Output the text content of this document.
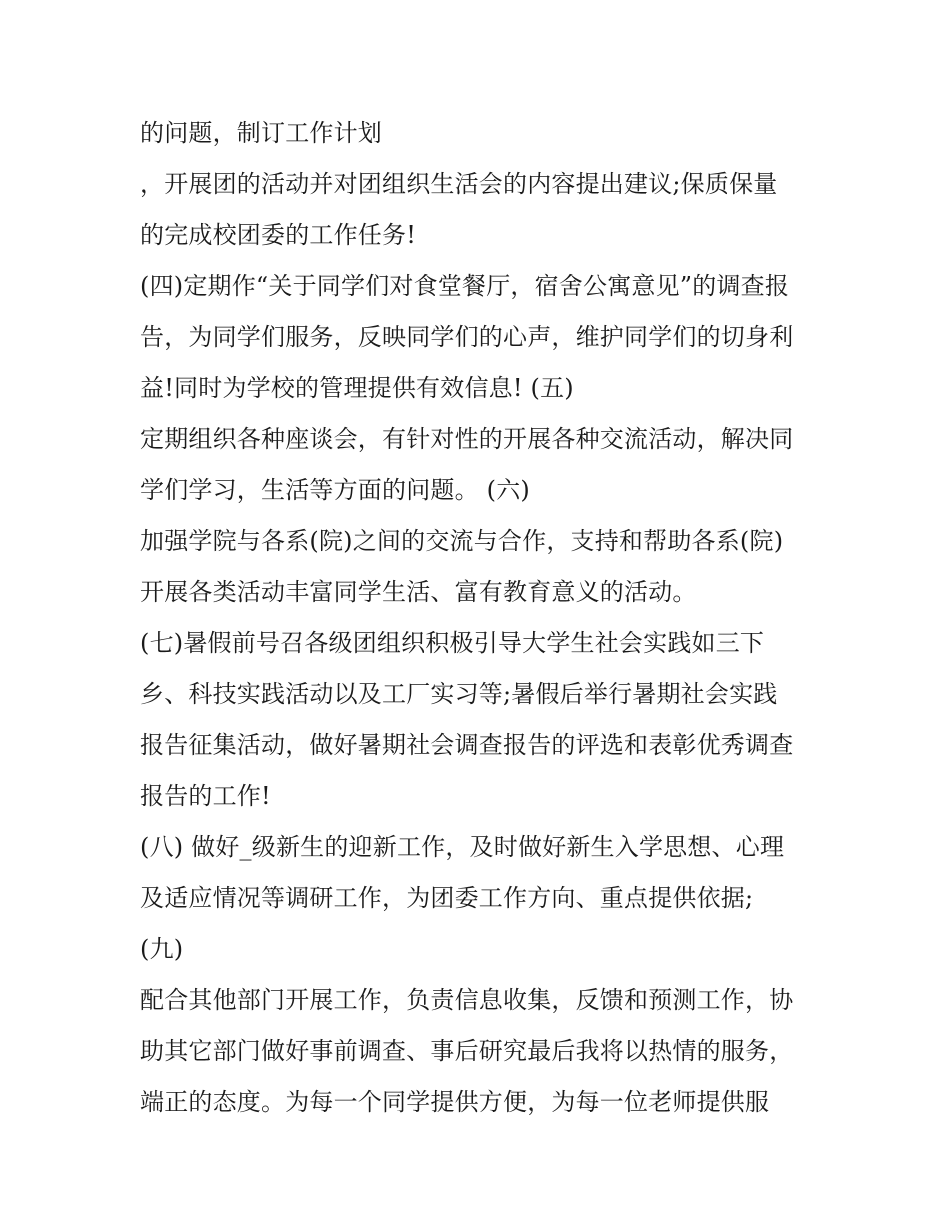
的问题，制订工作计划
，开展团的活动并对团组织生活会的内容提出建议;保质保量
的完成校团委的工作任务!
(四)定期作“关于同学们对食堂餐厅，宿舍公寓意见”的调查报
告，为同学们服务，反映同学们的心声，维护同学们的切身利
益!同时为学校的管理提供有效信息! (五)
定期组织各种座谈会，有针对性的开展各种交流活动，解决同
学们学习，生活等方面的问题。 (六)
加强学院与各系(院)之间的交流与合作，支持和帮助各系(院)
开展各类活动丰富同学生活、富有教育意义的活动。
(七)暑假前号召各级团组织积极引导大学生社会实践如三下
乡、科技实践活动以及工厂实习等;暑假后举行暑期社会实践
报告征集活动，做好暑期社会调查报告的评选和表彰优秀调查
报告的工作!
(八) 做好_级新生的迎新工作，及时做好新生入学思想、心理
及适应情况等调研工作，为团委工作方向、重点提供依据;
(九)
配合其他部门开展工作，负责信息收集，反馈和预测工作，协
助其它部门做好事前调查、事后研究最后我将以热情的服务，
端正的态度。为每一个同学提供方便，为每一位老师提供服
